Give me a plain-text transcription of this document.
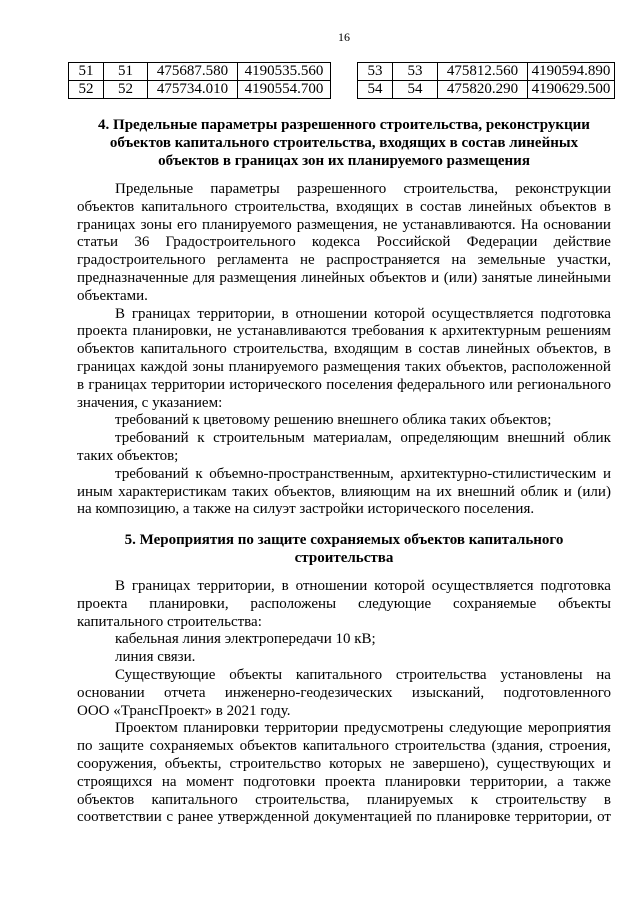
16
51	51	475687.580	4190535.560
52	52	475734.010	4190554.700
53	53	475812.560	4190594.890
54	54	475820.290	4190629.500
4. Предельные параметры разрешенного строительства, реконструкции
объектов капитального строительства, входящих в состав линейных
объектов в границах зон их планируемого размещения
Предельные параметры разрешенного строительства, реконструкции
объектов капитального строительства, входящих в состав линейных объектов в
границах зоны его планируемого размещения, не устанавливаются. На основании
статьи 36 Градостроительного кодекса Российской Федерации действие
градостроительного регламента не распространяется на земельные участки,
предназначенные для размещения линейных объектов и (или) занятые линейными
объектами.
В границах территории, в отношении которой осуществляется подготовка
проекта планировки, не устанавливаются требования к архитектурным решениям
объектов капитального строительства, входящим в состав линейных объектов, в
границах каждой зоны планируемого размещения таких объектов, расположенной
в границах территории исторического поселения федерального или регионального
значения, с указанием:
требований к цветовому решению внешнего облика таких объектов;
требований к строительным материалам, определяющим внешний облик
таких объектов;
требований к объемно-пространственным, архитектурно-стилистическим и
иным характеристикам таких объектов, влияющим на их внешний облик и (или)
на композицию, а также на силуэт застройки исторического поселения.
5. Мероприятия по защите сохраняемых объектов капитального
строительства
В границах территории, в отношении которой осуществляется подготовка
проекта планировки, расположены следующие сохраняемые объекты
капитального строительства:
кабельная линия электропередачи 10 кВ;
линия связи.
Существующие объекты капитального строительства установлены на
основании отчета инженерно-геодезических изысканий, подготовленного
ООО «ТрансПроект» в 2021 году.
Проектом планировки территории предусмотрены следующие мероприятия
по защите сохраняемых объектов капитального строительства (здания, строения,
сооружения, объекты, строительство которых не завершено), существующих и
строящихся на момент подготовки проекта планировки территории, а также
объектов капитального строительства, планируемых к строительству в
соответствии с ранее утвержденной документацией по планировке территории, от
